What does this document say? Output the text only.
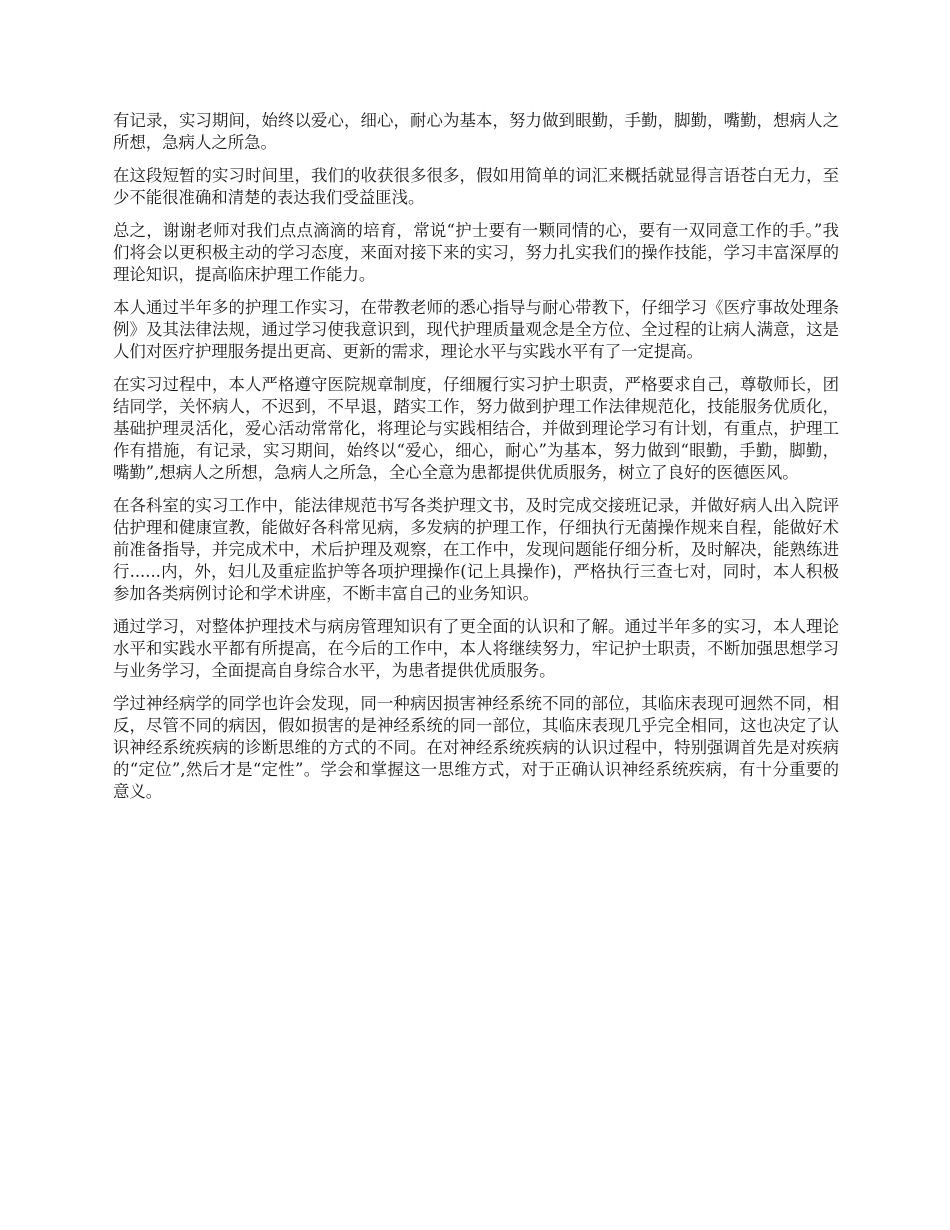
有记录，实习期间，始终以爱心，细心，耐心为基本，努力做到眼勤，手勤，脚勤，嘴勤，想病人之所想，急病人之所急。

在这段短暂的实习时间里，我们的收获很多很多，假如用简单的词汇来概括就显得言语苍白无力，至少不能很准确和清楚的表达我们受益匪浅。

总之，谢谢老师对我们点点滴滴的培育，常说“护士要有一颗同情的心，要有一双同意工作的手。”我们将会以更积极主动的学习态度，来面对接下来的实习，努力扎实我们的操作技能，学习丰富深厚的理论知识，提高临床护理工作能力。

本人通过半年多的护理工作实习，在带教老师的悉心指导与耐心带教下，仔细学习《医疗事故处理条例》及其法律法规，通过学习使我意识到，现代护理质量观念是全方位、全过程的让病人满意，这是人们对医疗护理服务提出更高、更新的需求，理论水平与实践水平有了一定提高。

在实习过程中，本人严格遵守医院规章制度，仔细履行实习护士职责，严格要求自己，尊敬师长，团结同学，关怀病人，不迟到，不早退，踏实工作，努力做到护理工作法律规范化，技能服务优质化，基础护理灵活化，爱心活动常常化，将理论与实践相结合，并做到理论学习有计划，有重点，护理工作有措施，有记录，实习期间，始终以“爱心，细心，耐心”为基本，努力做到“眼勤，手勤，脚勤，嘴勤”,想病人之所想，急病人之所急，全心全意为患都提供优质服务，树立了良好的医德医风。

在各科室的实习工作中，能法律规范书写各类护理文书，及时完成交接班记录，并做好病人出入院评估护理和健康宣教，能做好各科常见病，多发病的护理工作，仔细执行无菌操作规来自程，能做好术前准备指导，并完成术中，术后护理及观察，在工作中，发现问题能仔细分析，及时解决，能熟练进行......内，外，妇儿及重症监护等各项护理操作(记上具操作)，严格执行三查七对，同时，本人积极参加各类病例讨论和学术讲座，不断丰富自己的业务知识。

通过学习，对整体护理技术与病房管理知识有了更全面的认识和了解。通过半年多的实习，本人理论水平和实践水平都有所提高，在今后的工作中，本人将继续努力，牢记护士职责，不断加强思想学习与业务学习，全面提高自身综合水平，为患者提供优质服务。

学过神经病学的同学也许会发现，同一种病因损害神经系统不同的部位，其临床表现可迥然不同，相反，尽管不同的病因，假如损害的是神经系统的同一部位，其临床表现几乎完全相同，这也决定了认识神经系统疾病的诊断思维的方式的不同。在对神经系统疾病的认识过程中，特别强调首先是对疾病的“定位”,然后才是“定性”。学会和掌握这一思维方式，对于正确认识神经系统疾病，有十分重要的意义。
